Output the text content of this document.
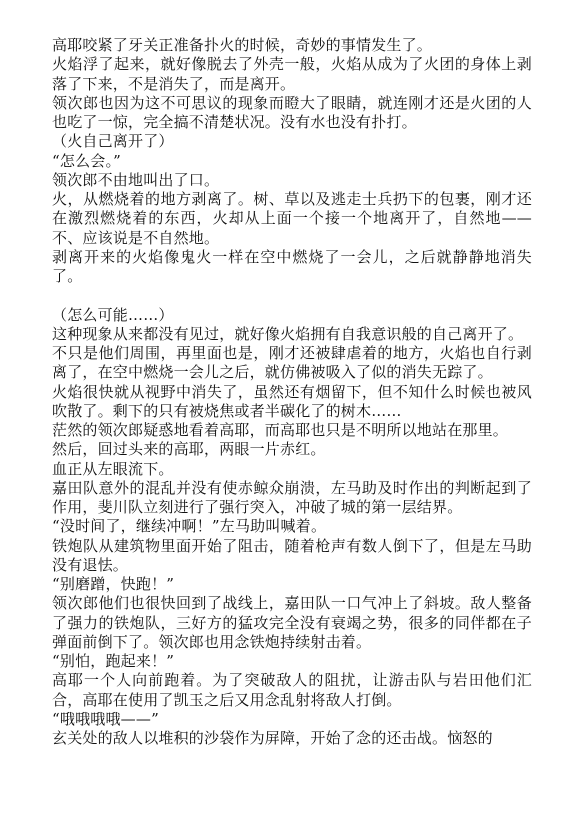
高耶咬紧了牙关正准备扑火的时候，奇妙的事情发生了。

火焰浮了起来，就好像脱去了外壳一般，火焰从成为了火团的身体上剥落了下来，不是消失了，而是离开。

领次郎也因为这不可思议的现象而瞪大了眼睛，就连刚才还是火团的人也吃了一惊，完全搞不清楚状况。没有水也没有扑打。

（火自己离开了）

“怎么会。”

领次郎不由地叫出了口。

火，从燃烧着的地方剥离了。树、草以及逃走士兵扔下的包裹，刚才还在激烈燃烧着的东西，火却从上面一个接一个地离开了，自然地——不、应该说是不自然地。

剥离开来的火焰像鬼火一样在空中燃烧了一会儿，之后就静静地消失了。

（怎么可能……）

这种现象从来都没有见过，就好像火焰拥有自我意识般的自己离开了。

不只是他们周围，再里面也是，刚才还被肆虐着的地方，火焰也自行剥离了，在空中燃烧一会儿之后，就仿佛被吸入了似的消失无踪了。

火焰很快就从视野中消失了，虽然还有烟留下，但不知什么时候也被风吹散了。剩下的只有被烧焦或者半碳化了的树木……

茫然的领次郎疑惑地看着高耶，而高耶也只是不明所以地站在那里。

然后，回过头来的高耶，两眼一片赤红。

血正从左眼流下。

嘉田队意外的混乱并没有使赤鲸众崩溃，左马助及时作出的判断起到了作用，斐川队立刻进行了强行突入，冲破了城的第一层结界。

“没时间了，继续冲啊！”左马助叫喊着。

铁炮队从建筑物里面开始了阻击，随着枪声有数人倒下了，但是左马助没有退怯。

“别磨蹭，快跑！”

领次郎他们也很快回到了战线上，嘉田队一口气冲上了斜坡。敌人整备了强力的铁炮队，三好方的猛攻完全没有衰竭之势，很多的同伴都在子弹面前倒下了。领次郎也用念铁炮持续射击着。

“别怕，跑起来！”

高耶一个人向前跑着。为了突破敌人的阻扰，让游击队与岩田他们汇合，高耶在使用了凯玉之后又用念乱射将敌人打倒。

“哦哦哦哦——”

玄关处的敌人以堆积的沙袋作为屏障，开始了念的还击战。恼怒的
